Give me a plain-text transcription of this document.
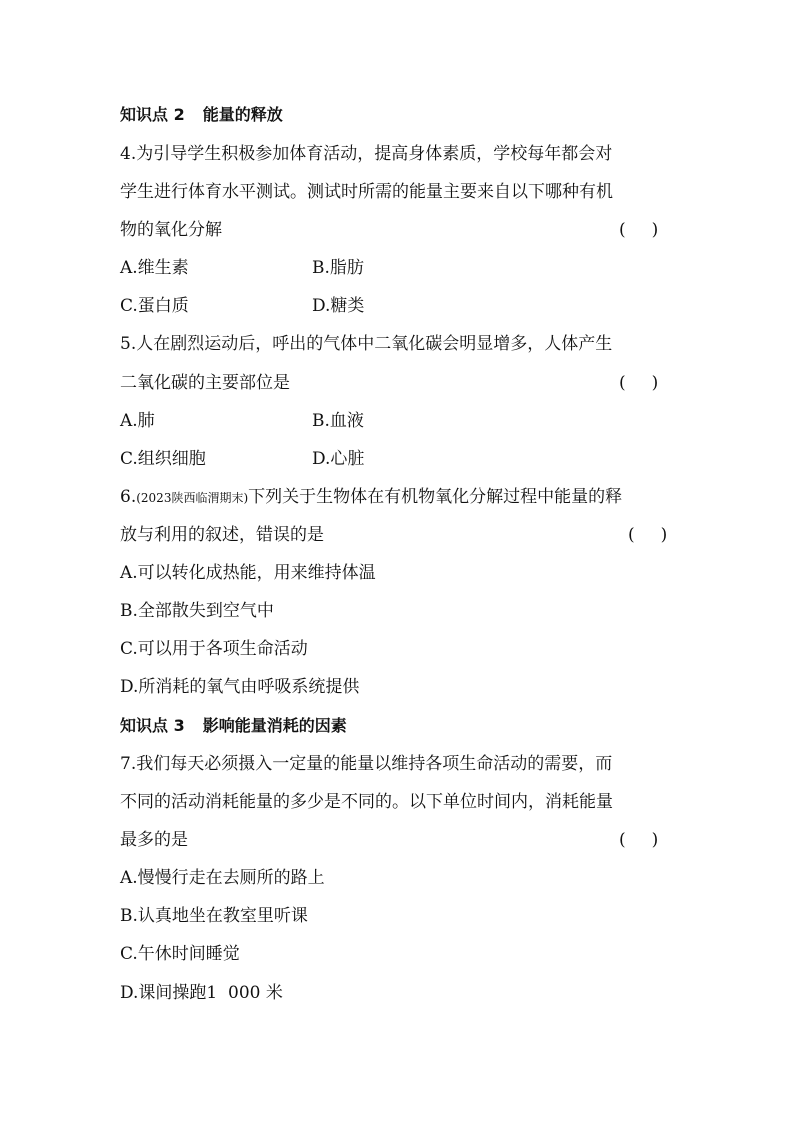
知识点 2 能量的释放
4.为引导学生积极参加体育活动，提高身体素质，学校每年都会对
学生进行体育水平测试。测试时所需的能量主要来自以下哪种有机
物的氧化分解	( )
A.维生素	B.脂肪
C.蛋白质	D.糖类
5.人在剧烈运动后，呼出的气体中二氧化碳会明显增多，人体产生
二氧化碳的主要部位是	( )
A.肺	B.血液
C.组织细胞	D.心脏
6.(2023陕西临渭期末)下列关于生物体在有机物氧化分解过程中能量的释
放与利用的叙述，错误的是	( )
A.可以转化成热能，用来维持体温
B.全部散失到空气中
C.可以用于各项生命活动
D.所消耗的氧气由呼吸系统提供
知识点 3 影响能量消耗的因素
7.我们每天必须摄入一定量的能量以维持各项生命活动的需要，而
不同的活动消耗能量的多少是不同的。以下单位时间内，消耗能量
最多的是	( )
A.慢慢行走在去厕所的路上
B.认真地坐在教室里听课
C.午休时间睡觉
D.课间操跑1  000 米
